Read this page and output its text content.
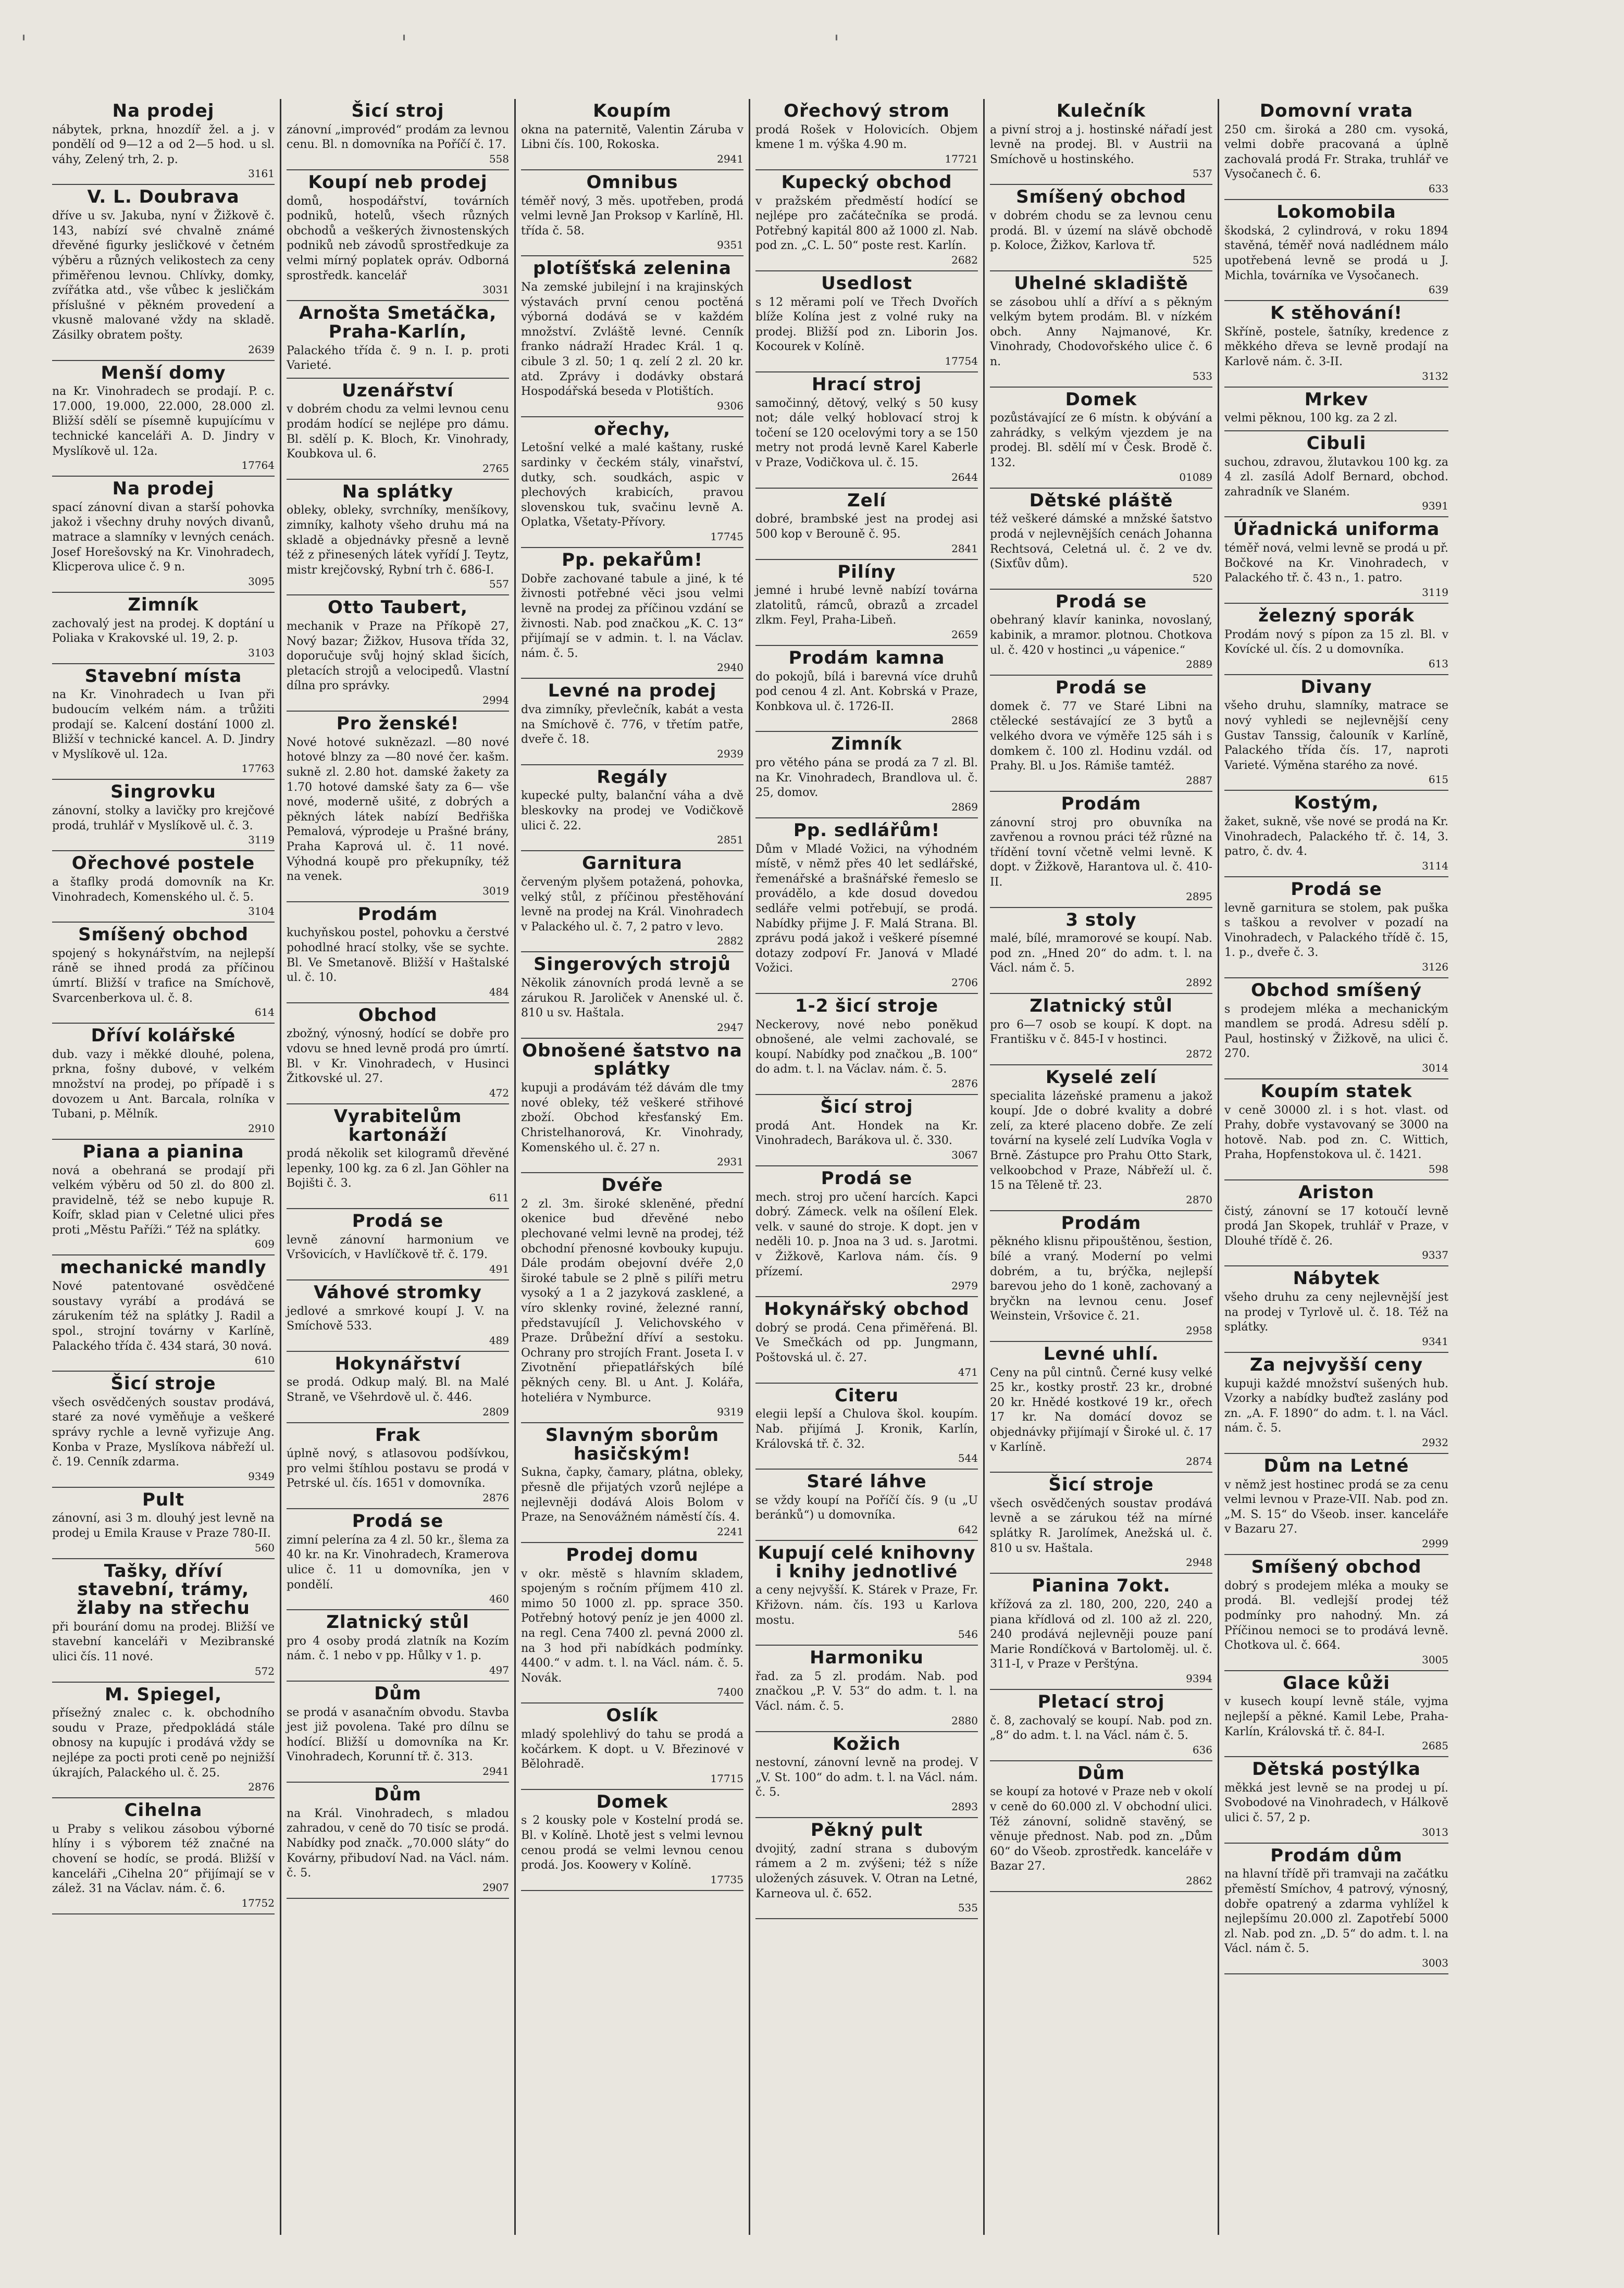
'	'	'
Na prodej

nábytek, prkna, hnozdíř žel. a j. v pondělí od 9—12 a od 2—5 hod. u sl. váhy, Zelený trh, 2. p.

3161
V. L. Doubrava

dříve u sv. Jakuba, nyní v Žižkově č. 143, nabízí své chvalně známé dřevěné figurky jesličkové v četném výběru a různých velikostech za ceny přiměřenou levnou. Chlívky, domky, zvířátka atd., vše vůbec k jesličkám příslušné v pěkném provedení a vkusně malované vždy na skladě. Zásilky obratem pošty.

2639
Menší domy

na Kr. Vinohradech se prodají. P. c. 17.000, 19.000, 22.000, 28.000 zl. Bližší sdělí se písemně kupujícímu v technické kanceláři A. D. Jindry v Myslíkově ul. 12a.

17764
Na prodej

spací zánovní divan a starší pohovka jakož i všechny druhy nových divanů, matrace a slamníky v levných cenách. Josef Horešovský na Kr. Vinohradech, Klicperova ulice č. 9 n.

3095
Zimník

zachovalý jest na prodej. K doptání u Poliaka v Krakovské ul. 19, 2. p.

3103
Stavební místa

na Kr. Vinohradech u Ivan při budoucím velkém nám. a trůžiti prodají se. Kalcení dostání 1000 zl. Bližší v technické kancel. A. D. Jindry v Myslíkově ul. 12a.

17763
Singrovku

zánovní, stolky a lavičky pro krejčové prodá, truhlář v Myslíkově ul. č. 3.

3119
Ořechové postele

a štaflky prodá domovník na Kr. Vinohradech, Komenského ul. č. 5.

3104
Smíšený obchod

spojený s hokynářstvím, na nejlepší ráně se ihned prodá za příčinou úmrtí. Bližší v trafice na Smíchově, Svarcenberkova ul. č. 8.

614
Dříví kolářské

dub. vazy i měkké dlouhé, polena, prkna, fošny dubové, v velkém množství na prodej, po případě i s dovozem u Ant. Barcala, rolníka v Tubani, p. Mělník.

2910
Piana a pianina

nová a obehraná se prodají při velkém výběru od 50 zl. do 800 zl. pravidelně, též se nebo kupuje R. Koífr, sklad pian v Celetné ulici přes proti „Městu Paříži.“ Též na splátky.

609
mechanické mandly

Nové patentované osvědčené soustavy vyrábí a prodává se zárukením též na splátky J. Radil a spol., strojní továrny v Karlíně, Palackého třída č. 434 stará, 30 nová.

610
Šicí stroje

všech osvědčených soustav prodává, staré za nové vyměňuje a veškeré správy rychle a levně vyřizuje Ang. Konba v Praze, Myslíkova nábřeží ul. č. 19. Cenník zdarma.

9349
Pult

zánovní, asi 3 m. dlouhý jest levně na prodej u Emila Krause v Praze 780-II.

560
Tašky, dříví stavební, trámy, žlaby na střechu

při bourání domu na prodej. Bližší ve stavební kanceláři v Mezibranské ulici čís. 11 nové.

572
M. Spiegel,

přísežný znalec c. k. obchodního soudu v Praze, předpokládá stále obnosy na kupujíc i prodává vždy se nejlépe za pocti proti ceně po nejnižší úkrajích, Palackého ul. č. 25.

2876
Cihelna

u Praby s velikou zásobou výborné hlíny i s výborem též značné na chovení se hodíc, se prodá. Bližší v kanceláři „Cihelna 20“ přijímají se v zálež. 31 na Václav. nám. č. 6.

17752
Šicí stroj

zánovní „improvéd“ prodám za levnou cenu. Bl. n domovníka na Poříčí č. 17.

558
Koupí neb prodej

domů, hospodářství, továrních podniků, hotelů, všech různých obchodů a veškerých živnostenských podniků neb závodů sprostředkuje za velmi mírný poplatek opráv. Odborná sprostředk. kancelář

3031
Arnošta Smetáčka, Praha-Karlín,

Palackého třída č. 9 n. I. p. proti Varieté.

Uzenářství

v dobrém chodu za velmi levnou cenu prodám hodící se nejlépe pro dámu. Bl. sdělí p. K. Bloch, Kr. Vinohrady, Koubkova ul. 6.

2765
Na splátky

obleky, obleky, svrchníky, menšíkovy, zimníky, kalhoty všeho druhu má na skladě a objednávky přesně a levně též z přinesených látek vyřídí J. Teytz, mistr krejčovský, Rybní trh č. 686-I.

557
Otto Taubert,

mechanik v Praze na Příkopě 27, Nový bazar; Žižkov, Husova třída 32, doporučuje svůj hojný sklad šicích, pletacích strojů a velocipedů. Vlastní dílna pro správky.

2994
Pro ženské!

Nové hotové suknězazl. —80 nové hotové blnzy za —80 nové čer. kašm. sukně zl. 2.80 hot. damské žakety za 1.70 hotové damské šaty za 6— vše nové, moderně ušité, z dobrých a pěkných látek nabízí Bedřiška Pemalová, výprodeje u Prašné brány, Praha Kaprová ul. č. 11 nové. Výhodná koupě pro překupníky, též na venek.

3019
Prodám

kuchyňskou postel, pohovku a čerstvé pohodlné hrací stolky, vše se sychte. Bl. Ve Smetanově. Bližší v Haštalské ul. č. 10.

484
Obchod

zbožný, výnosný, hodící se dobře pro vdovu se hned levně prodá pro úmrtí. Bl. v Kr. Vinohradech, v Husinci Žitkovské ul. 27.

472
Vyrabitelům kartonáží

prodá několik set kilogramů dřevěné lepenky, 100 kg. za 6 zl. Jan Göhler na Bojišti č. 3.

611
Prodá se

levně zánovní harmonium ve Vršovicích, v Havlíčkově tř. č. 179.

491
Váhové stromky

jedlové a smrkové koupí J. V. na Smíchově 533.

489
Hokynářství

se prodá. Odkup malý. Bl. na Malé Straně, ve Všehrdově ul. č. 446.

2809
Frak

úplně nový, s atlasovou podšívkou, pro velmi štíhlou postavu se prodá v Petrské ul. čís. 1651 v domovníka.

2876
Prodá se

zimní pelerína za 4 zl. 50 kr., šlema za 40 kr. na Kr. Vinohradech, Kramerova ulice č. 11 u domovníka, jen v pondělí.

460
Zlatnický stůl

pro 4 osoby prodá zlatník na Kozím nám. č. 1 nebo v pp. Hůlky v 1. p.

497
Dům

se prodá v asanačním obvodu. Stavba jest již povolena. Také pro dílnu se hodící. Bližší u domovníka na Kr. Vinohradech, Korunní tř. č. 313.

2941
Dům

na Král. Vinohradech, s mladou zahradou, v ceně do 70 tisíc se prodá. Nabídky pod značk. „70.000 sláty“ do Kovárny, přibudoví Nad. na Václ. nám. č. 5.

2907
Koupím

okna na paternitě, Valentin Záruba v Libni čís. 100, Rokoska.

2941
Omnibus

téměř nový, 3 měs. upotřeben, prodá velmi levně Jan Proksop v Karlíně, Hl. třída č. 58.

9351
plotíšťská zelenina

Na zemské jubilejní i na krajinských výstavách první cenou poctěná výborná dodává se v každém množství. Zvláště levné. Cenník franko nádraží Hradec Král. 1 q. cibule 3 zl. 50; 1 q. zelí 2 zl. 20 kr. atd. Zprávy i dodávky obstará Hospodářská beseda v Plotištích.

9306
ořechy,

Letošní velké a malé kaštany, ruské sardinky v čeckém stály, vinařství, dutky, sch. soudkách, aspic v plechových krabicích, pravou slovenskou tuk, svačinu levně A. Oplatka, Všetaty-Přívory.

17745
Pp. pekařům!

Dobře zachované tabule a jiné, k té živnosti potřebné věci jsou velmi levně na prodej za příčinou vzdání se živnosti. Nab. pod značkou „K. C. 13“ přijímají se v admin. t. l. na Václav. nám. č. 5.

2940
Levné na prodej

dva zimníky, převlečník, kabát a vesta na Smíchově č. 776, v třetím patře, dveře č. 18.

2939
Regály

kupecké pulty, balanční váha a dvě bleskovky na prodej ve Vodičkově ulici č. 22.

2851
Garnitura

červeným plyšem potažená, pohovka, velký stůl, z příčinou přestěhování levně na prodej na Král. Vinohradech v Palackého ul. č. 7, 2 patro v levo.

2882
Singerových strojů

Několik zánovních prodá levně a se zárukou R. Jaroliček v Anenské ul. č. 810 u sv. Haštala.

2947
Obnošené šatstvo na splátky

kupuji a prodávám též dávám dle tmy nové obleky, též veškeré střihové zboží. Obchod křesťanský Em. Christelhanorová, Kr. Vinohrady, Komenského ul. č. 27 n.

2931
Dvéře

2 zl. 3m. široké skleněné, přední okenice bud dřevěné nebo plechované velmi levně na prodej, též obchodní přenosné kovbouky kupuju. Dále prodám obejovní dvéře 2,0 široké tabule se 2 plně s pilíři metru vysoký a 1 a 2 jazyková zasklené, a víro sklenky roviné, železné ranní, představujícíl J. Velichovského v Praze. Drůbežní dříví a sestoku. Ochrany pro strojích Frant. Joseta I. v Zivotnění přiepatlářských bílé pěkných ceny. Bl. u Ant. J. Kolářa, hoteliéra v Nymburce.

9319
Slavným sborům hasičským!

Sukna, čapky, čamary, plátna, obleky, přesně dle přijatých vzorů nejlépe a nejlevněji dodává Alois Bolom v Praze, na Senovážném náměstí čís. 4.

2241
Prodej domu

v okr. městě s hlavním skladem, spojeným s ročním příjmem 410 zl. mimo 50 1000 zl. pp. sprace 350. Potřebný hotový peníz je jen 4000 zl. na regl. Cena 7400 zl. pevná 2000 zl. na 3 hod při nabídkách podmínky. 4400.“ v adm. t. l. na Václ. nám. č. 5. Novák.

7400
Oslík

mladý spolehlivý do tahu se prodá a kočárkem. K dopt. u V. Březinové v Bělohradě.

17715
Domek

s 2 kousky pole v Kostelní prodá se. Bl. v Kolíně. Lhotě jest s velmi levnou cenou prodá se velmi levnou cenou prodá. Jos. Koowery v Kolíně.

17735
Ořechový strom

prodá Rošek v Holovicích. Objem kmene 1 m. výška 4.90 m.

17721
Kupecký obchod

v pražském předměstí hodící se nejlépe pro začátečníka se prodá. Potřebný kapitál 800 až 1000 zl. Nab. pod zn. „C. L. 50“ poste rest. Karlín.

2682
Usedlost

s 12 měrami polí ve Třech Dvořích blíže Kolína jest z volné ruky na prodej. Bližší pod zn. Liborin Jos. Kocourek v Kolíně.

17754
Hrací stroj

samočinný, dětový, velký s 50 kusy not; dále velký hoblovací stroj k točení se 120 ocelovými tory a se 150 metry not prodá levně Karel Kaberle v Praze, Vodičkova ul. č. 15.

2644
Zelí

dobré, brambské jest na prodej asi 500 kop v Berouně č. 95.

2841
Pilíny

jemné i hrubé levně nabízí továrna zlatolitů, rámců, obrazů a zrcadel zlkm. Feyl, Praha-Libeň.

2659
Prodám kamna

do pokojů, bílá i barevná více druhů pod cenou 4 zl. Ant. Kobrská v Praze, Konbkova ul. č. 1726-II.

2868
Zimník

pro větého pána se prodá za 7 zl. Bl. na Kr. Vinohradech, Brandlova ul. č. 25, domov.

2869
Pp. sedlářům!

Dům v Mladé Vožici, na výhodném místě, v němž přes 40 let sedlářské, řemenářské a brašnářské řemeslo se provádělo, a kde dosud dovedou sedláře velmi potřebují, se prodá. Nabídky přijme J. F. Malá Strana. Bl. zprávu podá jakož i veškeré písemné dotazy zodpoví Fr. Janová v Mladé Vožici.

2706
1-2 šicí stroje

Neckerovy, nové nebo poněkud obnošené, ale velmi zachovalé, se koupí. Nabídky pod značkou „B. 100“ do adm. t. l. na Václav. nám. č. 5.

2876
Šicí stroj

prodá Ant. Hondek na Kr. Vinohradech, Barákova ul. č. 330.

3067
Prodá se

mech. stroj pro učení harcích. Kapci dobrý. Zámeck. velk na ošílení Elek. velk. v sauné do stroje. K dopt. jen v neděli 10. p. Jnoa na 3 ud. s. Jarotmi. v Žižkově, Karlova nám. čís. 9 přízemí.

2979
Hokynářský obchod

dobrý se prodá. Cena přiměřená. Bl. Ve Smečkách od pp. Jungmann, Poštovská ul. č. 27.

471
Citeru

elegii lepší a Chulova škol. koupím. Nab. přijímá J. Kronik, Karlín, Královská tř. č. 32.

544
Staré láhve

se vždy koupí na Poříčí čís. 9 (u „U beránků“) u domovníka.

642
Kupují celé knihovny i knihy jednotlivé

a ceny nejvyšší. K. Stárek v Praze, Fr. Křižovn. nám. čís. 193 u Karlova mostu.

546
Harmoniku

řad. za 5 zl. prodám. Nab. pod značkou „P. V. 53“ do adm. t. l. na Václ. nám. č. 5.

2880
Kožich

nestovní, zánovní levně na prodej. V „V. St. 100“ do adm. t. l. na Václ. nám. č. 5.

2893
Pěkný pult

dvojitý, zadní strana s dubovým rámem a 2 m. zvýšeni; též s níže uložených zásuvek. V. Otran na Letné, Karneova ul. č. 652.

535
Kulečník

a pivní stroj a j. hostinské nářadí jest levně na prodej. Bl. v Austrii na Smíchově u hostinského.

537
Smíšený obchod

v dobrém chodu se za levnou cenu prodá. Bl. v území na slávě obchodě p. Koloce, Žižkov, Karlova tř.

525
Uhelné skladiště

se zásobou uhlí a dříví a s pěkným velkým bytem prodám. Bl. v nízkém obch. Anny Najmanové, Kr. Vinohrady, Chodovořského ulice č. 6 n.

533
Domek

pozůstávající ze 6 místn. k obývání a zahrádky, s velkým vjezdem je na prodej. Bl. sdělí mí v Česk. Brodě č. 132.

01089
Dětské pláště

též veškeré dámské a mnžské šatstvo prodá v nejlevnějších cenách Johanna Rechtsová, Celetná ul. č. 2 ve dv. (Sixťův dům).

520
Prodá se

obehraný klavír kaninka, novoslaný, kabinik, a mramor. plotnou. Chotkova ul. č. 420 v hostinci „u vápenice.“

2889
Prodá se

domek č. 77 ve Staré Libni na ctělecké sestávající ze 3 bytů a velkého dvora ve výměře 125 sáh i s domkem č. 100 zl. Hodinu vzdál. od Prahy. Bl. u Jos. Rámiše tamtéž.

2887
Prodám

zánovní stroj pro obuvníka na zavřenou a rovnou práci též různé na třídění tovní včetně velmi levně. K dopt. v Žižkově, Harantova ul. č. 410-II.

2895
3 stoly

malé, bílé, mramorové se koupí. Nab. pod zn. „Hned 20“ do adm. t. l. na Václ. nám č. 5.

2892
Zlatnický stůl

pro 6—7 osob se koupí. K dopt. na Františku v č. 845-I v hostinci.

2872
Kyselé zelí

specialita lázeňské pramenu a jakož koupí. Jde o dobré kvality a dobré zelí, za které placeno dobře. Ze zelí tovární na kyselé zelí Ludvíka Vogla v Brně. Zástupce pro Prahu Otto Stark, velkoobchod v Praze, Nábřeží ul. č. 15 na Těleně tř. 23.

2870
Prodám

pěkného klisnu připouštěnou, šestion, bílé a vraný. Moderní po velmi dobrém, a tu, brýčka, nejlepší barevou jeho do 1 koně, zachovaný a bryčkn na levnou cenu. Josef Weinstein, Vršovice č. 21.

2958
Levné uhlí.

Ceny na půl cintnů. Černé kusy velké 25 kr., kostky prostř. 23 kr., drobné 20 kr. Hnědé kostkové 19 kr., ořech 17 kr. Na domácí dovoz se objednávky přijímají v Široké ul. č. 17 v Karlíně.

2874
Šicí stroje

všech osvědčených soustav prodává levně a se zárukou též na mírné splátky R. Jarolímek, Anežská ul. č. 810 u sv. Haštala.

2948
Pianina 7okt.

křížová za zl. 180, 200, 220, 240 a piana křídlová od zl. 100 až zl. 220, 240 prodává nejlevněji pouze paní Marie Rondíčková v Bartoloměj. ul. č. 311-I, v Praze v Perštýna.

9394
Pletací stroj

č. 8, zachovalý se koupí. Nab. pod zn. „8“ do adm. t. l. na Václ. nám č. 5.

636
Dům

se koupí za hotové v Praze neb v okolí v ceně do 60.000 zl. V obchodní ulici. Též zánovní, solidně stavěný, se věnuje přednost. Nab. pod zn. „Dům 60“ do Všeob. zprostředk. kanceláře v Bazar 27.

2862
Domovní vrata

250 cm. široká a 280 cm. vysoká, velmi dobře pracovaná a úplně zachovalá prodá Fr. Straka, truhlář ve Vysočanech č. 6.

633
Lokomobila

škodská, 2 cylindrová, v roku 1894 stavěná, téměř nová nadlédnem málo upotřebená levně se prodá u J. Michla, továrníka ve Vysočanech.

639
K stěhování!

Skříně, postele, šatníky, kredence z měkkého dřeva se levně prodají na Karlově nám. č. 3-II.

3132
Mrkev

velmi pěknou, 100 kg. za 2 zl.

Cibuli

suchou, zdravou, žlutavkou 100 kg. za 4 zl. zasílá Adolf Bernard, obchod. zahradník ve Slaném.

9391
Úřadnická uniforma

téměř nová, velmi levně se prodá u př. Bočkové na Kr. Vinohradech, v Palackého tř. č. 43 n., 1. patro.

3119
železný sporák

Prodám nový s pípon za 15 zl. Bl. v Kovícké ul. čís. 2 u domovníka.

613
Divany

všeho druhu, slamníky, matrace se nový vyhledi se nejlevnější ceny Gustav Tanssig, čalouník v Karlíně, Palackého třída čís. 17, naproti Varieté. Výměna starého za nové.

615
Kostým,

žaket, sukně, vše nové se prodá na Kr. Vinohradech, Palackého tř. č. 14, 3. patro, č. dv. 4.

3114
Prodá se

levně garnitura se stolem, pak puška s taškou a revolver v pozadí na Vinohradech, v Palackého třídě č. 15, 1. p., dveře č. 3.

3126
Obchod smíšený

s prodejem mléka a mechanickým mandlem se prodá. Adresu sdělí p. Paul, hostinský v Žižkově, na ulici č. 270.

3014
Koupím statek

v ceně 30000 zl. i s hot. vlast. od Prahy, dobře vystavovaný se 3000 na hotově. Nab. pod zn. C. Wittich, Praha, Hopfenstokova ul. č. 1421.

598
Ariston

čistý, zánovní se 17 kotoučí levně prodá Jan Skopek, truhlář v Praze, v Dlouhé třídě č. 26.

9337
Nábytek

všeho druhu za ceny nejlevnější jest na prodej v Tyrlově ul. č. 18. Též na splátky.

9341
Za nejvyšší ceny

kupuji každé množství sušených hub. Vzorky a nabídky buďtež zaslány pod zn. „A. F. 1890“ do adm. t. l. na Václ. nám. č. 5.

2932
Dům na Letné

v němž jest hostinec prodá se za cenu velmi levnou v Praze-VII. Nab. pod zn. „M. S. 15“ do Všeob. inser. kanceláře v Bazaru 27.

2999
Smíšený obchod

dobrý s prodejem mléka a mouky se prodá. Bl. vedlejší prodej též podmínky pro nahodný. Mn. zá Příčinou nemoci se to prodává levně. Chotkova ul. č. 664.

3005
Glace kůži

v kusech koupí levně stále, vyjma nejlepší a pěkné. Kamil Lebe, Praha-Karlín, Královská tř. č. 84-I.

2685
Dětská postýlka

měkká jest levně se na prodej u pí. Svobodové na Vinohradech, v Hálkově ulici č. 57, 2 p.

3013
Prodám dům

na hlavní třídě při tramvaji na začátku přeměstí Smíchov, 4 patrový, výnosný, dobře opatrený a zdarma vyhlížel k nejlepšímu 20.000 zl. Zapotřebí 5000 zl. Nab. pod zn. „D. 5“ do adm. t. l. na Václ. nám č. 5.

3003
